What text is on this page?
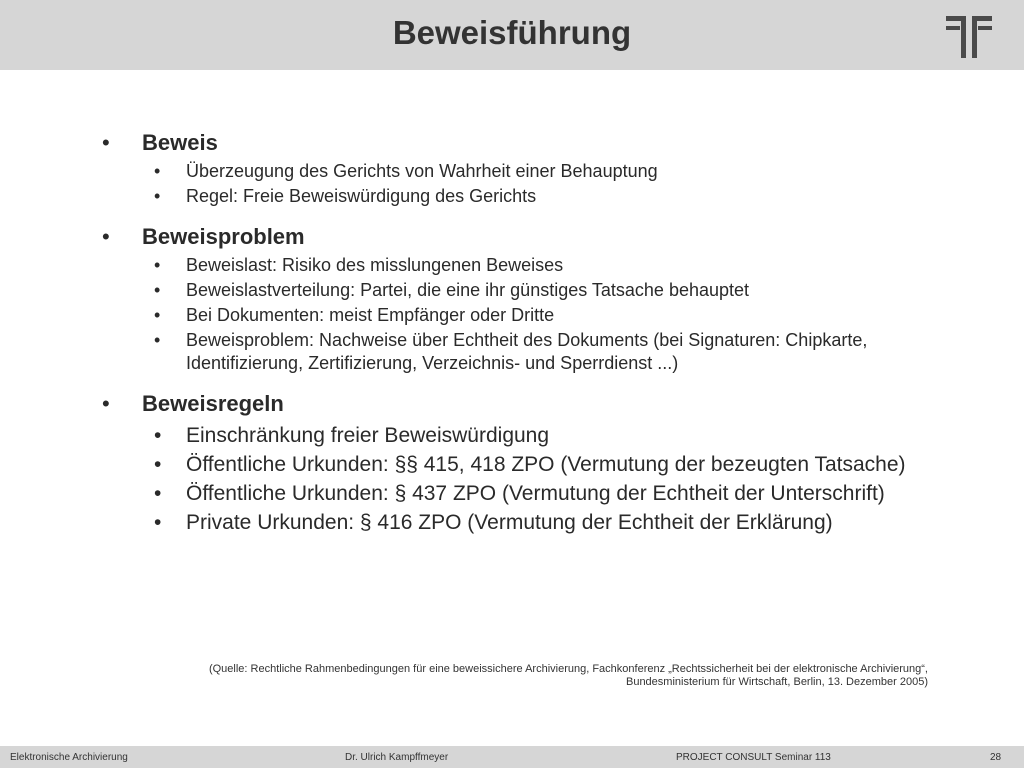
Beweisführung
• Beweis
• Überzeugung des Gerichts von Wahrheit einer Behauptung
• Regel: Freie Beweiswürdigung des Gerichts
• Beweisproblem
• Beweislast: Risiko des misslungenen Beweises
• Beweislastverteilung: Partei, die eine ihr günstiges Tatsache behauptet
• Bei Dokumenten: meist Empfänger oder Dritte
• Beweisproblem: Nachweise über Echtheit des Dokuments (bei Signaturen: Chipkarte, Identifizierung, Zertifizierung, Verzeichnis- und Sperrdienst ...)
• Beweisregeln
• Einschränkung freier Beweiswürdigung
• Öffentliche Urkunden: §§ 415, 418 ZPO (Vermutung der bezeugten Tatsache)
• Öffentliche Urkunden: § 437 ZPO (Vermutung der Echtheit der Unterschrift)
• Private Urkunden: § 416 ZPO (Vermutung der Echtheit der Erklärung)
(Quelle: Rechtliche Rahmenbedingungen für eine beweissichere Archivierung, Fachkonferenz „Rechtssicherheit bei der elektronische Archivierung“,
Bundesministerium für Wirtschaft, Berlin, 13. Dezember 2005)
Elektronische Archivierung	Dr. Ulrich Kampffmeyer	PROJECT CONSULT Seminar 113	28
